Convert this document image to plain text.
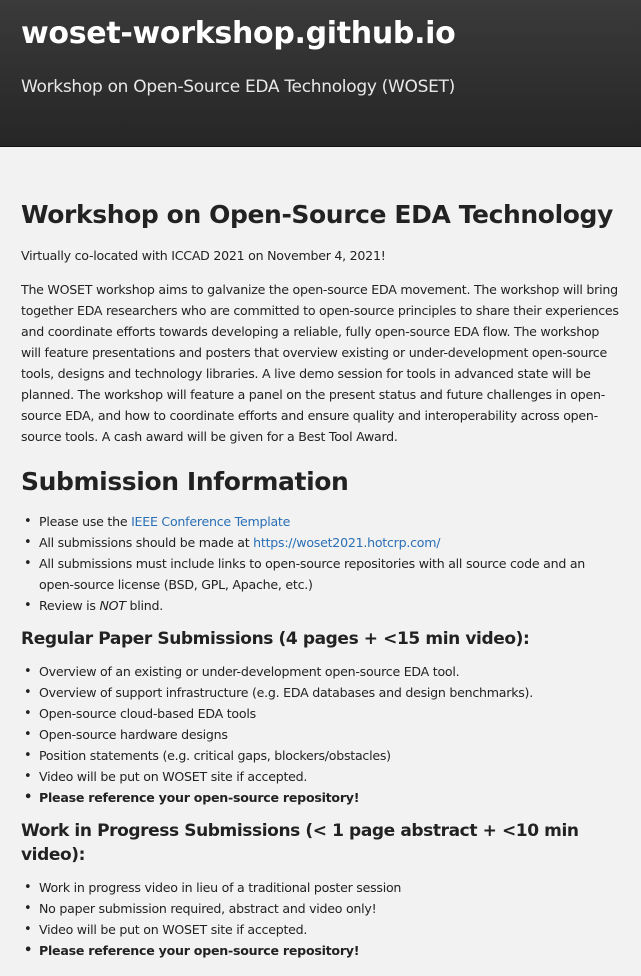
woset-workshop.github.io
Workshop on Open-Source EDA Technology (WOSET)
Workshop on Open-Source EDA Technology

Virtually co-located with ICCAD 2021 on November 4, 2021!

The WOSET workshop aims to galvanize the open-source EDA movement. The workshop will bring together EDA researchers who are committed to open-source principles to share their experiences and coordinate efforts towards developing a reliable, fully open-source EDA flow. The workshop will feature presentations and posters that overview existing or under-development open-source tools, designs and technology libraries. A live demo session for tools in advanced state will be planned. The workshop will feature a panel on the present status and future challenges in open-source EDA, and how to coordinate efforts and ensure quality and interoperability across open-source tools. A cash award will be given for a Best Tool Award.

Submission Information
• Please use the IEEE Conference Template
• All submissions should be made at https://woset2021.hotcrp.com/
• All submissions must include links to open-source repositories with all source code and an open-source license (BSD, GPL, Apache, etc.)
• Review is NOT blind.
Regular Paper Submissions (4 pages + <15 min video):
• Overview of an existing or under-development open-source EDA tool.
• Overview of support infrastructure (e.g. EDA databases and design benchmarks).
• Open-source cloud-based EDA tools
• Open-source hardware designs
• Position statements (e.g. critical gaps, blockers/obstacles)
• Video will be put on WOSET site if accepted.
• Please reference your open-source repository!
Work in Progress Submissions (< 1 page abstract + <10 min video):
• Work in progress video in lieu of a traditional poster session
• No paper submission required, abstract and video only!
• Video will be put on WOSET site if accepted.
• Please reference your open-source repository!
